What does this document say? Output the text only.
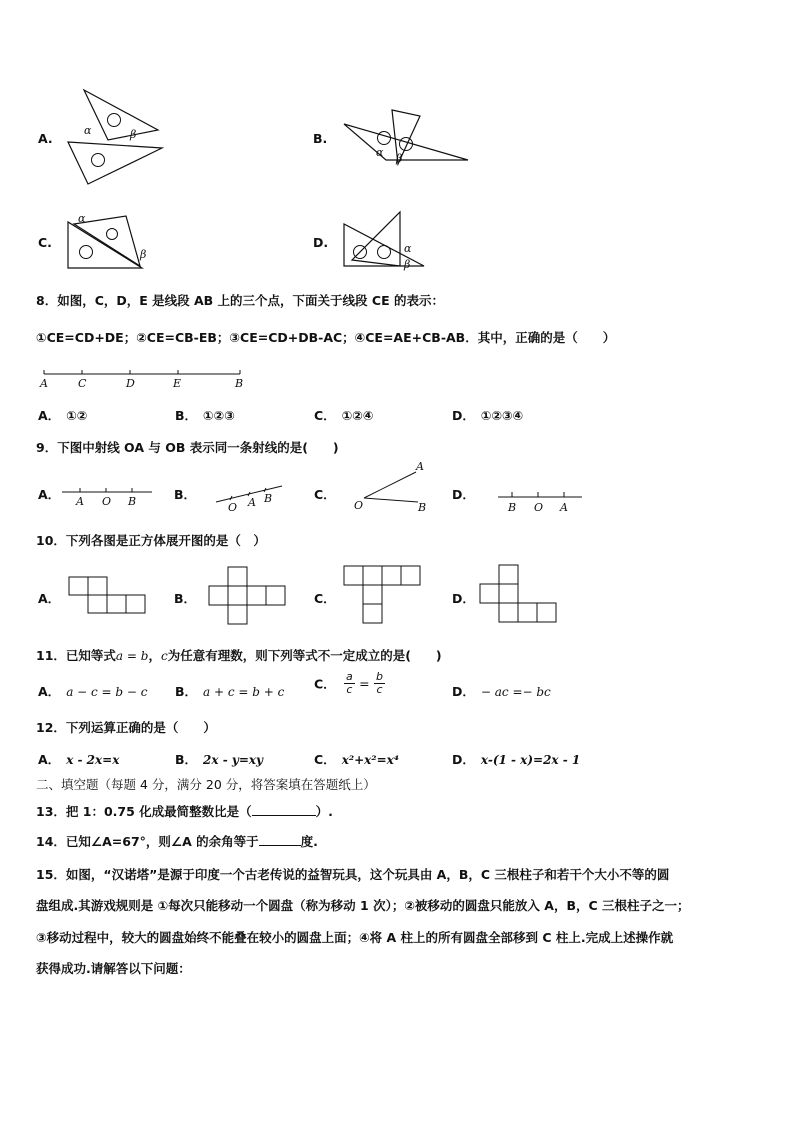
A.
α	β	B.
α β
C.
α
β
D.	α
β
8．如图，C，D，E 是线段 AB 上的三个点，下面关于线段 CE 的表示：
①CE=CD+DE；②CE=CB-EB；③CE=CD+DB-AC；④CE=AE+CB-AB．其中，正确的是（　　）
A	C	D	E	B
A． ①②	B． ①②③	C． ①②④	D． ①②③④
9．下图中射线 OA 与 OB 表示同一条射线的是(　　)
A． A O B	B．
O A B	C．
A
O	B
D．
B O A
10．下列各图是正方体展开图的是（　）
A．	B．	C．	D．
11．已知等式a = b，c为任意有理数，则下列等式不一定成立的是(　　)
A． a − c = b − c B． a + c = b + c
C． $\frac{a}{c} = \frac{b}{c}$	D． − ac =− bc
12．下列运算正确的是（　　）
A． x - 2x=x	B． 2x - y=xy	C． x²+x²=x⁴	D． x-(1 - x)=2x - 1
二、填空题（每题 4 分，满分 20 分，将答案填在答题纸上）
13．把 1：0.75 化成最简整数比是（	）.
14．已知∠A=67°，则∠A 的余角等于	度.
15．如图，“汉诺塔”是源于印度一个古老传说的益智玩具，这个玩具由 A，B，C 三根柱子和若干个大小不等的圆
盘组成.其游戏规则是 ①每次只能移动一个圆盘（称为移动 1 次）；②被移动的圆盘只能放入 A，B，C 三根柱子之一；
③移动过程中，较大的圆盘始终不能叠在较小的圆盘上面；④将 A 柱上的所有圆盘全部移到 C 柱上.完成上述操作就
获得成功.请解答以下问题：
